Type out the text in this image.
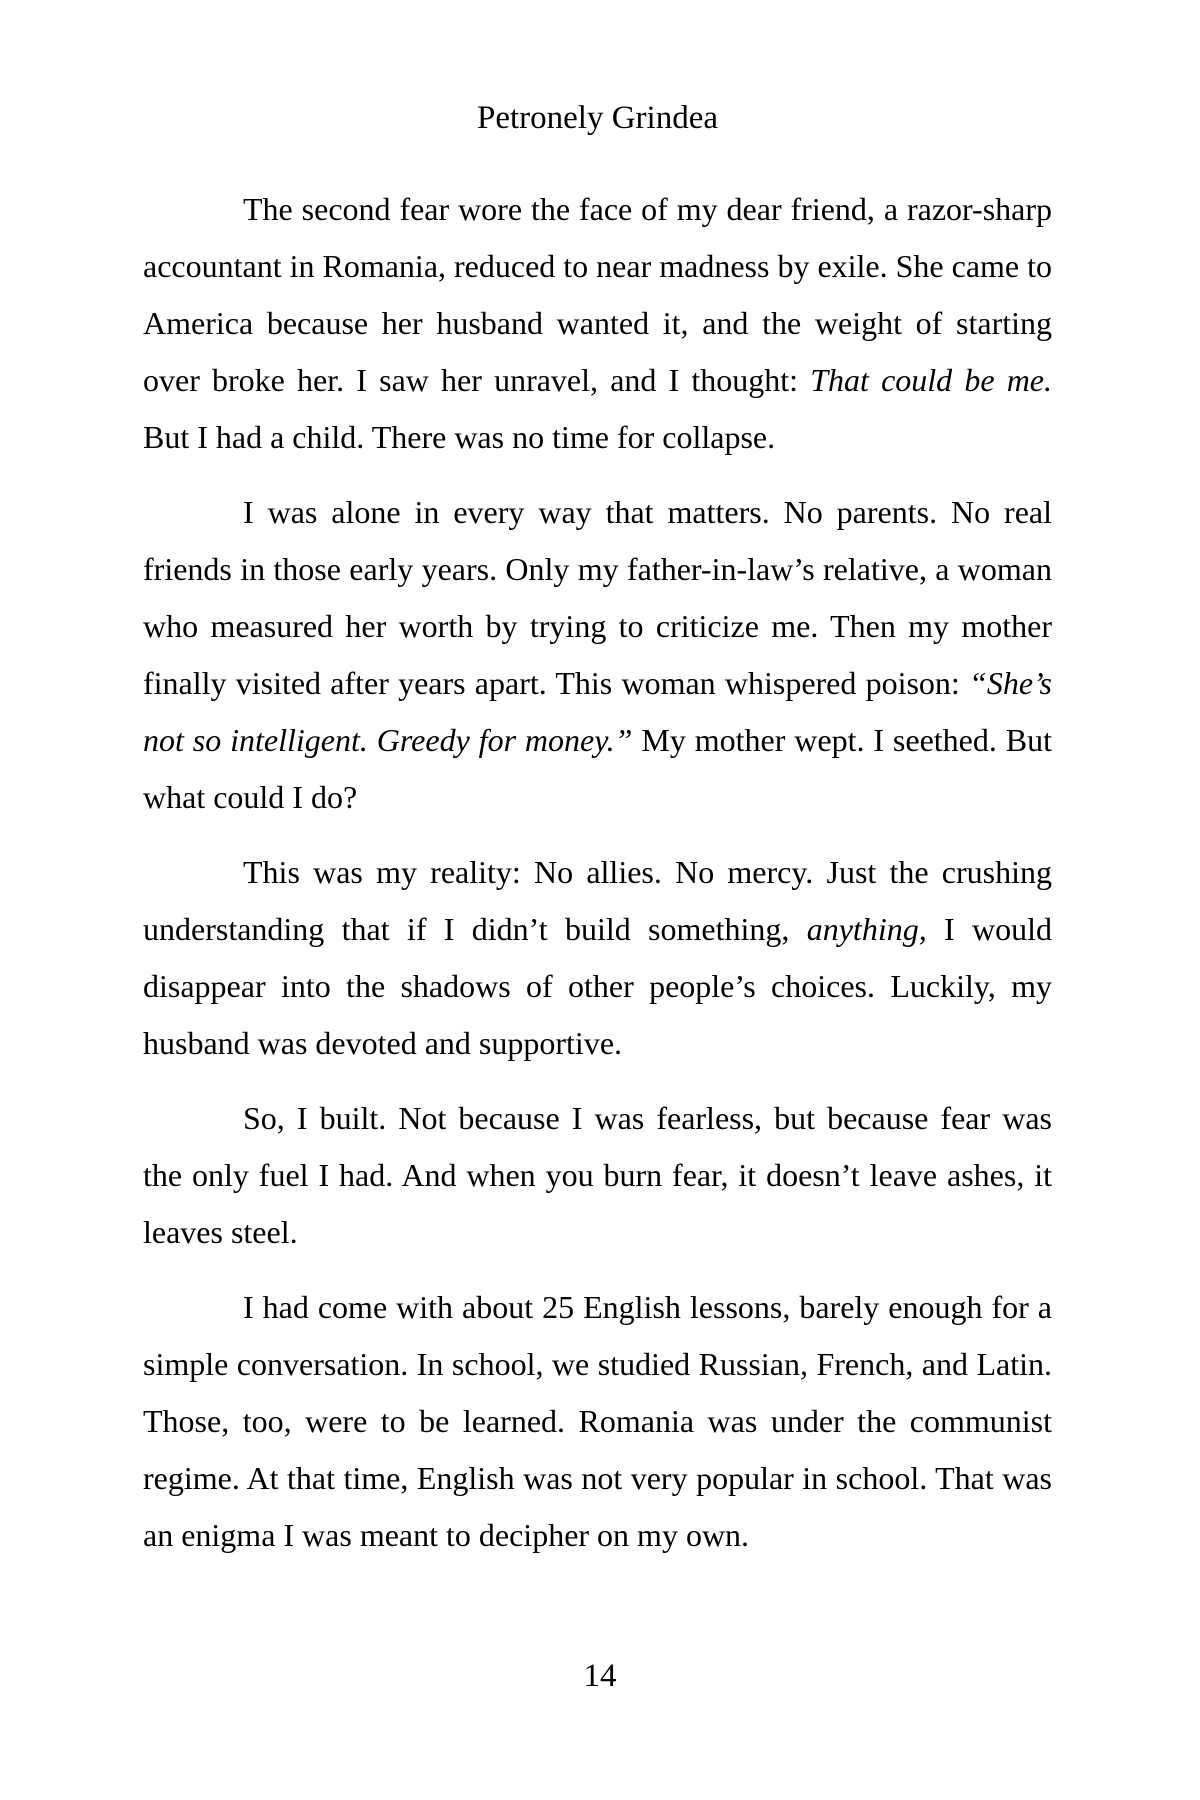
Petronely Grindea

The second fear wore the face of my dear friend, a razor-sharp accountant in Romania, reduced to near madness by exile. She came to America because her husband wanted it, and the weight of starting over broke her. I saw her unravel, and I thought: That could be me. But I had a child. There was no time for collapse.

I was alone in every way that matters. No parents. No real friends in those early years. Only my father-in-law’s relative, a woman who measured her worth by trying to criticize me. Then my mother finally visited after years apart. This woman whispered poison: “She’s not so intelligent. Greedy for money.” My mother wept. I seethed. But what could I do?

This was my reality: No allies. No mercy. Just the crushing understanding that if I didn’t build something, anything, I would disappear into the shadows of other people’s choices. Luckily, my husband was devoted and supportive.

So, I built. Not because I was fearless, but because fear was the only fuel I had. And when you burn fear, it doesn’t leave ashes, it leaves steel.

I had come with about 25 English lessons, barely enough for a simple conversation. In school, we studied Russian, French, and Latin. Those, too, were to be learned. Romania was under the communist regime. At that time, English was not very popular in school. That was an enigma I was meant to decipher on my own.

14
